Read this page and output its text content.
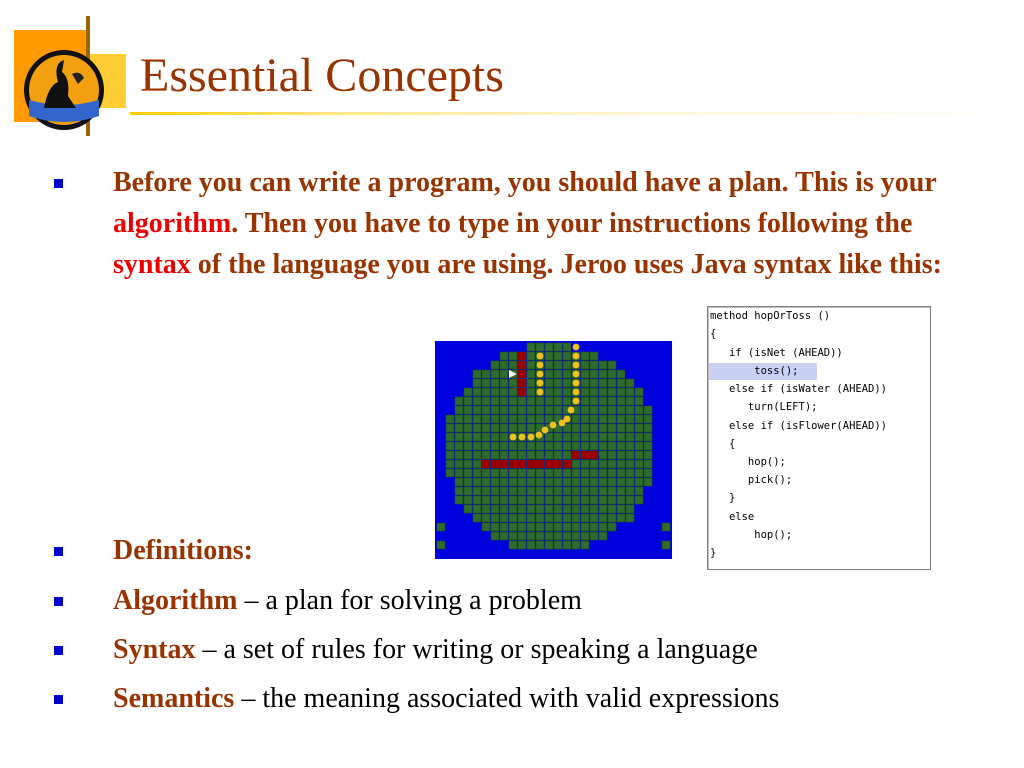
Essential Concepts
Before you can write a program, you should have a plan. This is your algorithm. Then you have to type in your instructions following the syntax of the language you are using. Jeroo uses Java syntax like this:
method hopOrToss ()
{
if (isNet (AHEAD))
toss();
else if (isWater (AHEAD))
turn(LEFT);
else if (isFlower(AHEAD))
{
hop();
pick();
}
else
hop();
}
Definitions:
Algorithm – a plan for solving a problem
Syntax – a set of rules for writing or speaking a language
Semantics – the meaning associated with valid expressions
